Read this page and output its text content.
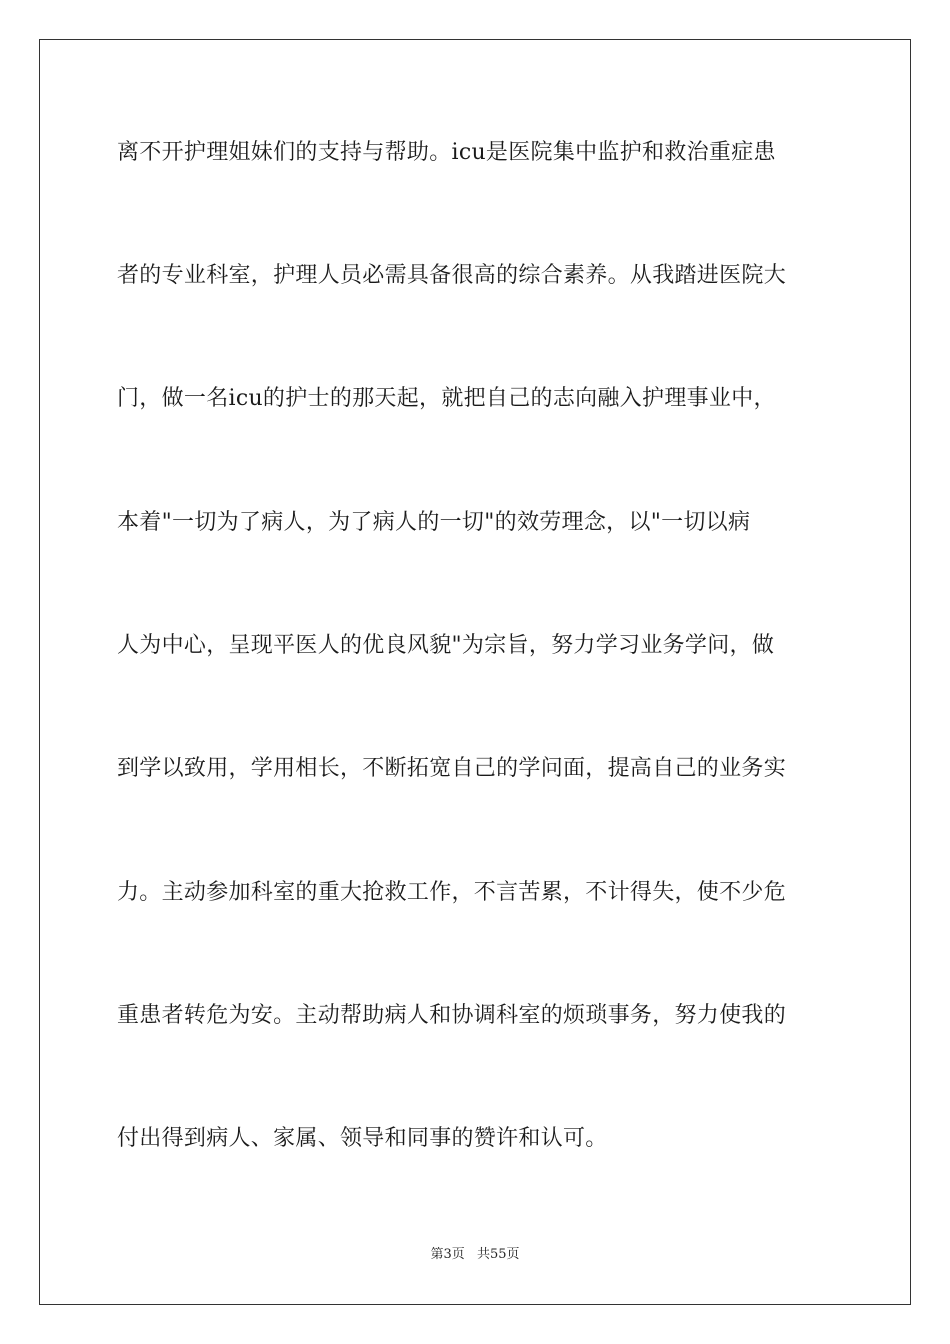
离不开护理姐妹们的支持与帮助。icu是医院集中监护和救治重症患
者的专业科室，护理人员必需具备很高的综合素养。从我踏进医院大
门，做一名icu的护士的那天起，就把自己的志向融入护理事业中，
本着"一切为了病人，为了病人的一切"的效劳理念，以"一切以病
人为中心，呈现平医人的优良风貌"为宗旨，努力学习业务学问，做
到学以致用，学用相长，不断拓宽自己的学问面，提高自己的业务实
力。主动参加科室的重大抢救工作，不言苦累，不计得失，使不少危
重患者转危为安。主动帮助病人和协调科室的烦琐事务，努力使我的
付出得到病人、家属、领导和同事的赞许和认可。
第3页 共55页
